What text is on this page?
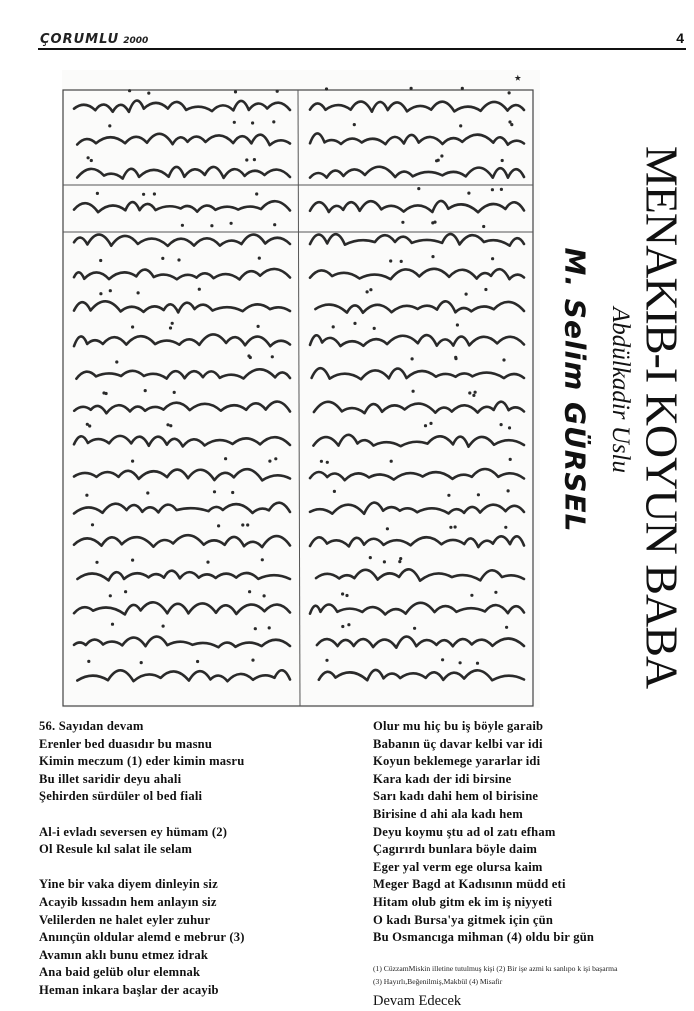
ÇORUMLU 2000	4
٭
MENAKIB-I KOYUN BABA
Abdülkadir Uslu
M. Selim GÜRSEL
56. Sayıdan devam
Erenler bed duasıdır bu masnu
Kimin meczum (1) eder kimin masru
Bu illet saridir deyu ahali
Şehirden sürdüler ol bed fiali
Al-i evladı seversen ey hümam (2)
Ol Resule kıl salat ile selam
Yine bir vaka diyem dinleyin siz
Acayib kıssadın hem anlayın siz
Velilerden ne halet eyler zuhur
Anıınçün oldular alemd e mebrur (3)
Avamın aklı bunu etmez idrak
Ana baid gelüb olur elemnak
Heman inkara başlar der acayib
Olur mu hiç bu iş böyle garaib
Babanın üç davar kelbi var idi
Koyun beklemege yararlar idi
Kara kadı der idi birsine
Sarı kadı dahi hem ol birisine
Birisine d ahi ala kadı hem
Deyu koymu ştu ad ol zatı efham
Çagırırdı bunlara böyle daim
Eger yal verm ege olursa kaim
Meger Bagd at Kadısının müdd eti
Hitam olub gitm ek im iş niyyeti
O kadı Bursa'ya gitmek için çün
Bu Osmancıga mihman (4) oldu bir gün
(1) CüzzamMiskin illetine tutulmuş kişi (2) Bir işe azmi kı sanlıpo k işi başarma
(3) Hayırlı,Beğenilmiş,Makbül (4) Misafir
Devam Edecek
